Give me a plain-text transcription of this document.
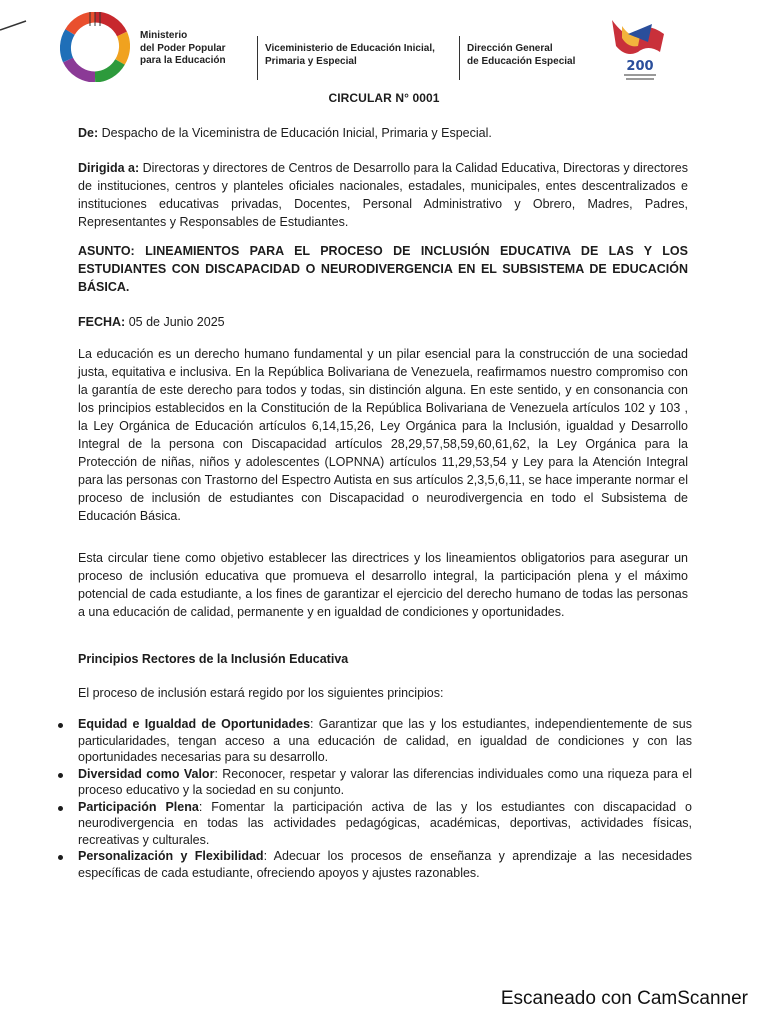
Ministerio
del Poder Popular
para la Educación
Viceministerio de Educación Inicial,
Primaria y Especial
Dirección General
de Educación Especial	200
CIRCULAR N° 0001
De: Despacho de la Viceministra de Educación Inicial, Primaria y Especial.
Dirigida a: Directoras y directores de Centros de Desarrollo para la Calidad Educativa, Directoras y directores de instituciones, centros y planteles oficiales nacionales, estadales, municipales, entes descentralizados e instituciones educativas privadas, Docentes, Personal Administrativo y Obrero, Madres, Padres, Representantes y Responsables de Estudiantes.
ASUNTO: LINEAMIENTOS PARA EL PROCESO DE INCLUSIÓN EDUCATIVA DE LAS Y LOS ESTUDIANTES CON DISCAPACIDAD O NEURODIVERGENCIA EN EL SUBSISTEMA DE EDUCACIÓN BÁSICA.
FECHA: 05 de Junio 2025
La educación es un derecho humano fundamental y un pilar esencial para la construcción de una sociedad justa, equitativa e inclusiva. En la República Bolivariana de Venezuela, reafirmamos nuestro compromiso con la garantía de este derecho para todos y todas, sin distinción alguna. En este sentido, y en consonancia con los principios establecidos en la Constitución de la República Bolivariana de Venezuela artículos 102 y 103 , la Ley Orgánica de Educación artículos 6,14,15,26, Ley Orgánica para la Inclusión, igualdad y Desarrollo Integral de la persona con Discapacidad artículos 28,29,57,58,59,60,61,62, la Ley Orgánica para la Protección de niñas, niños y adolescentes (LOPNNA) artículos 11,29,53,54 y Ley para la Atención Integral para las personas con Trastorno del Espectro Autista en sus artículos 2,3,5,6,11, se hace imperante normar el proceso de inclusión de estudiantes con Discapacidad o neurodivergencia en todo el Subsistema de Educación Básica.
Esta circular tiene como objetivo establecer las directrices y los lineamientos obligatorios para asegurar un proceso de inclusión educativa que promueva el desarrollo integral, la participación plena y el máximo potencial de cada estudiante, a los fines de garantizar el ejercicio del derecho humano de todas las personas a una educación de calidad, permanente y en igualdad de condiciones y oportunidades.
Principios Rectores de la Inclusión Educativa
El proceso de inclusión estará regido por los siguientes principios:
Equidad e Igualdad de Oportunidades: Garantizar que las y los estudiantes, independientemente de sus particularidades, tengan acceso a una educación de calidad, en igualdad de condiciones y con las oportunidades necesarias para su desarrollo.
Diversidad como Valor: Reconocer, respetar y valorar las diferencias individuales como una riqueza para el proceso educativo y la sociedad en su conjunto.
Participación Plena: Fomentar la participación activa de las y los estudiantes con discapacidad o neurodivergencia en todas las actividades pedagógicas, académicas, deportivas, actividades físicas, recreativas y culturales.
Personalización y Flexibilidad: Adecuar los procesos de enseñanza y aprendizaje a las necesidades específicas de cada estudiante, ofreciendo apoyos y ajustes razonables.
Escaneado con CamScanner
